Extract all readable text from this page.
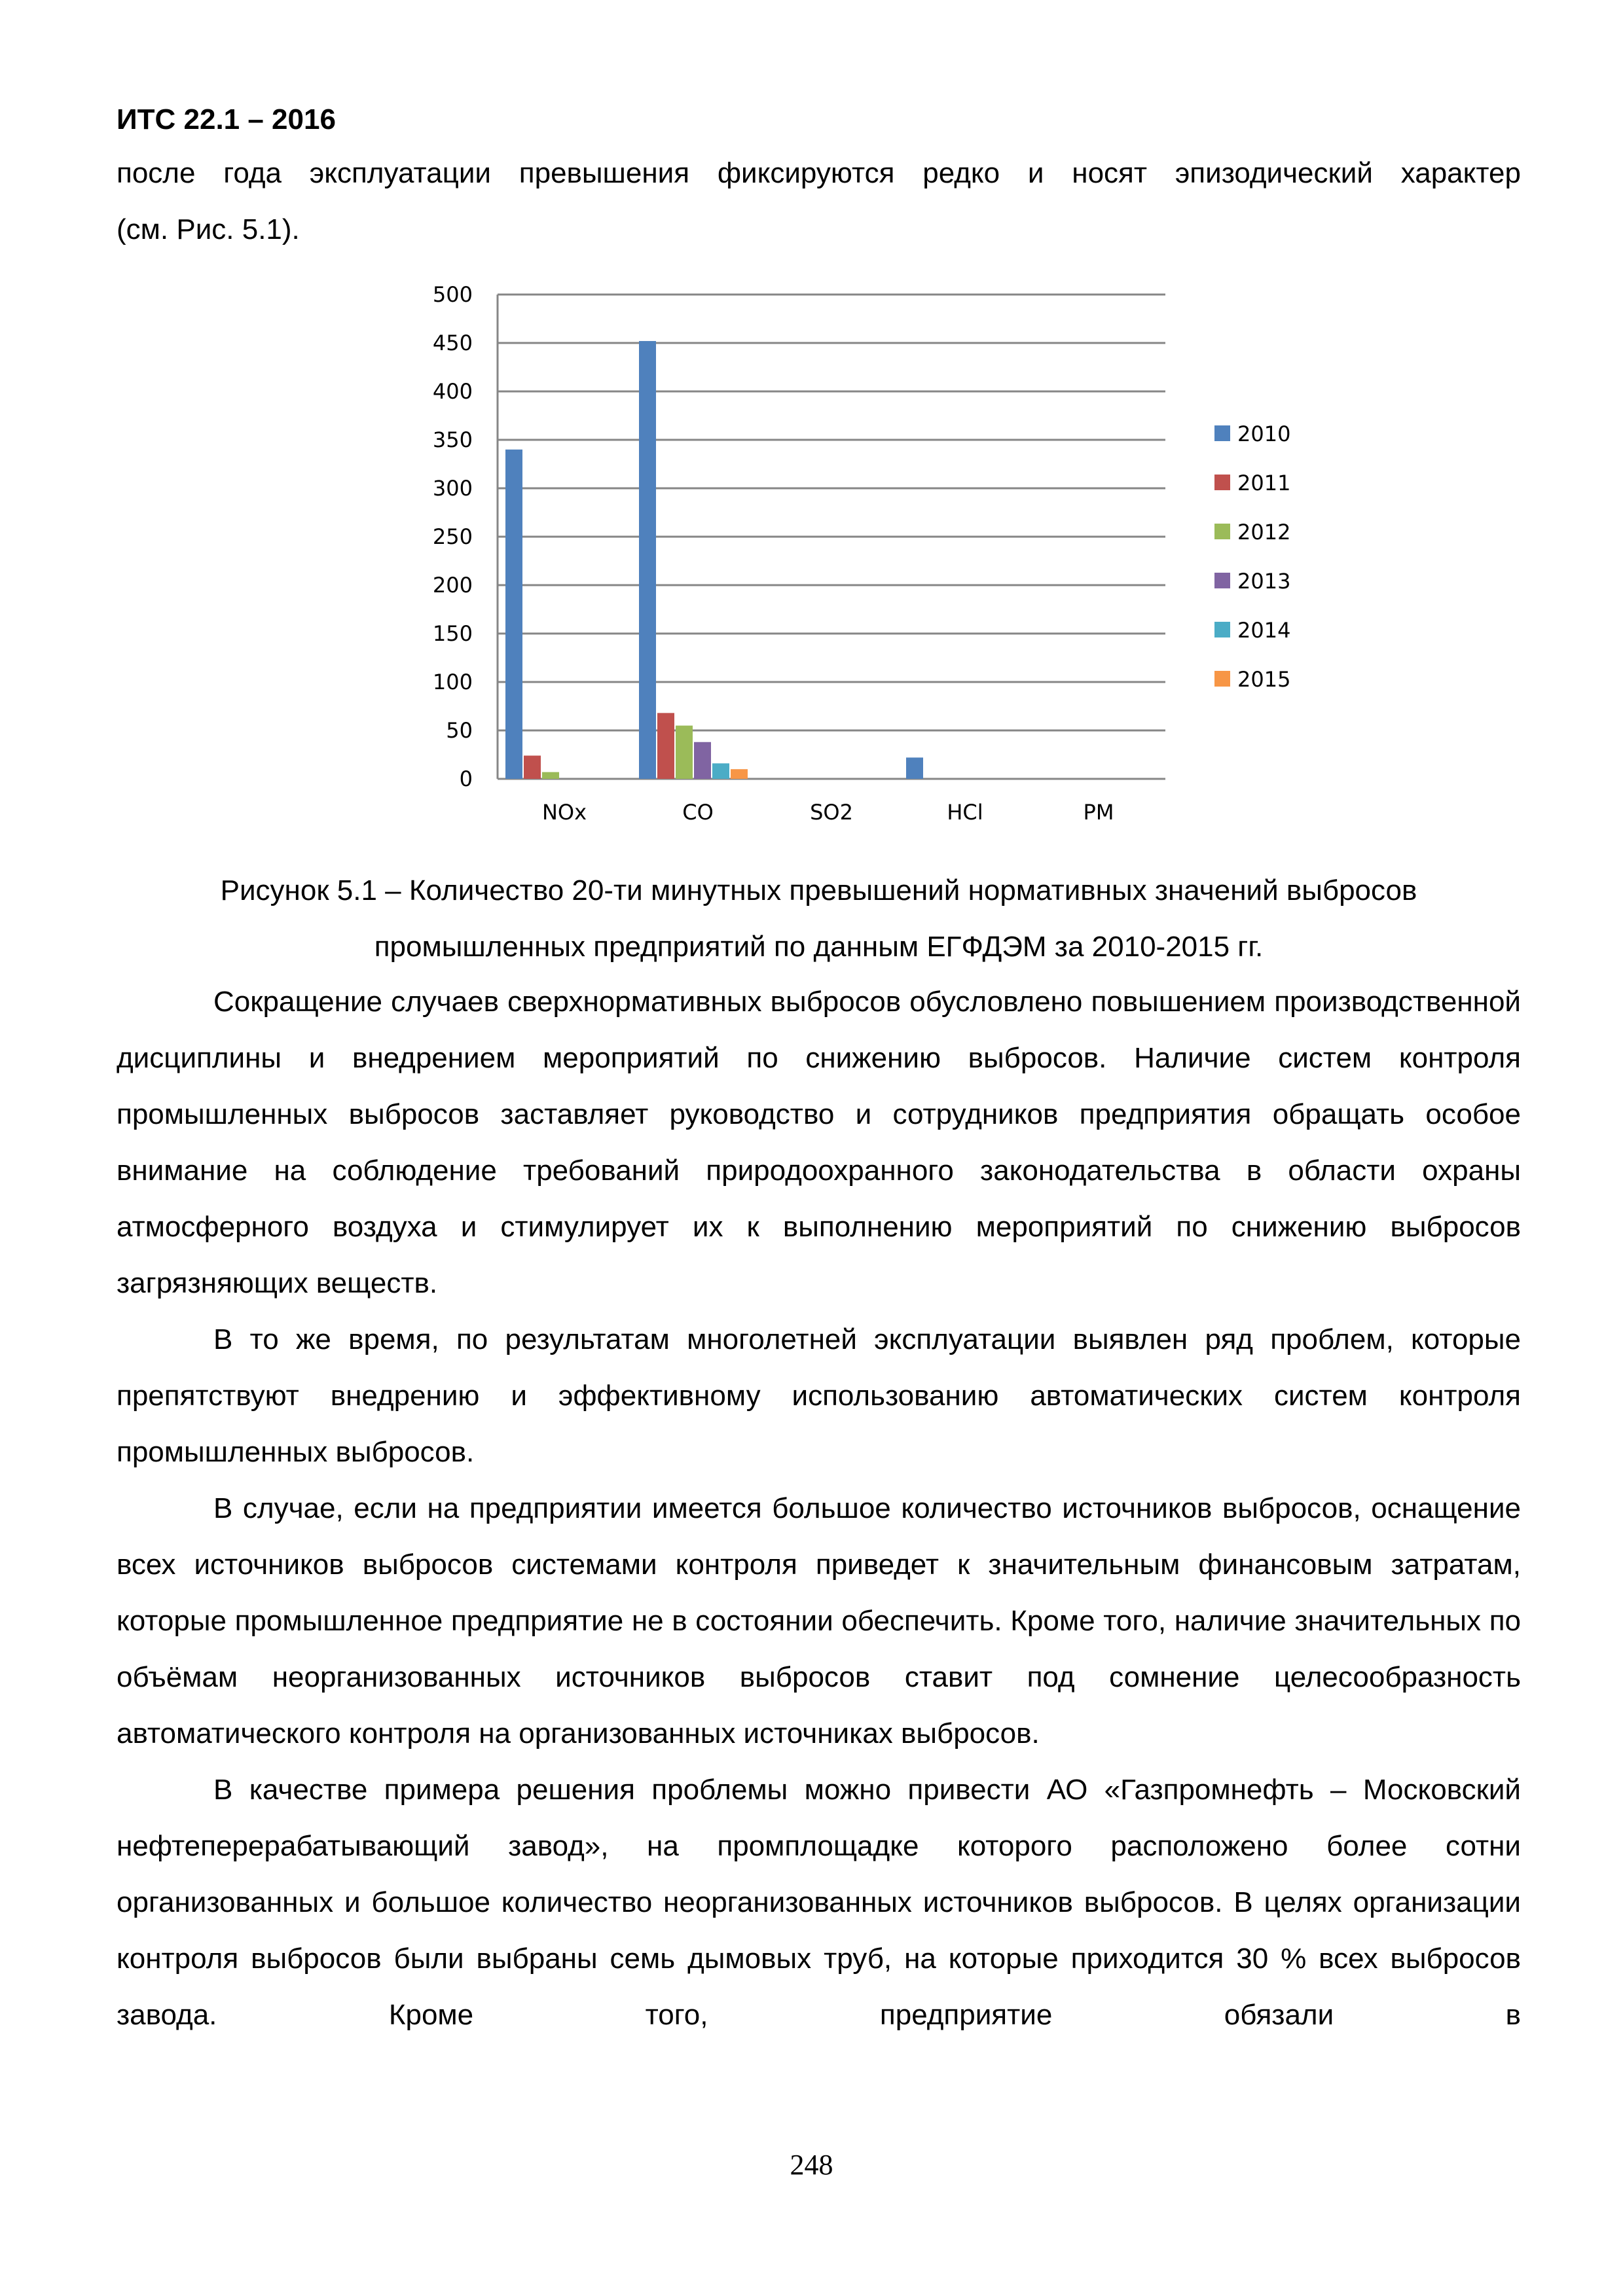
ИТС 22.1 – 2016
после года эксплуатации превышения фиксируются редко и носят эпизодический характер
(см. Рис. 5.1).
0
50
100
150
200
250
300
350
400
450
500
NOx	CO	SO2	HCl	PM
2010
2011
2012
2013
2014
2015
Рисунок 5.1 – Количество 20-ти минутных превышений нормативных значений выбросов
промышленных предприятий по данным ЕГФДЭМ за 2010-2015 гг.

Сокращение случаев сверхнормативных выбросов обусловлено повышением производственной дисциплины и внедрением мероприятий по снижению выбросов. Наличие систем контроля промышленных выбросов заставляет руководство и сотрудников предприятия обращать особое внимание на соблюдение требований природоохранного законодательства в области охраны атмосферного воздуха и стимулирует их к выполнению мероприятий по снижению выбросов загрязняющих веществ.

В то же время, по результатам многолетней эксплуатации выявлен ряд проблем, которые препятствуют внедрению и эффективному использованию автоматических систем контроля промышленных выбросов.

В случае, если на предприятии имеется большое количество источников выбросов, оснащение всех источников выбросов системами контроля приведет к значительным финансовым затратам, которые промышленное предприятие не в состоянии обеспечить. Кроме того, наличие значительных по объёмам неорганизованных источников выбросов ставит под сомнение целесообразность автоматического контроля на организованных источниках выбросов.

В качестве примера решения проблемы можно привести АО «Газпромнефть – Московский нефтеперерабатывающий завод», на промплощадке которого расположено более сотни организованных и большое количество неорганизованных источников выбросов. В целях организации контроля выбросов были выбраны семь дымовых труб, на которые приходится 30 % всех выбросов завода. Кроме того, предприятие обязали в

248
